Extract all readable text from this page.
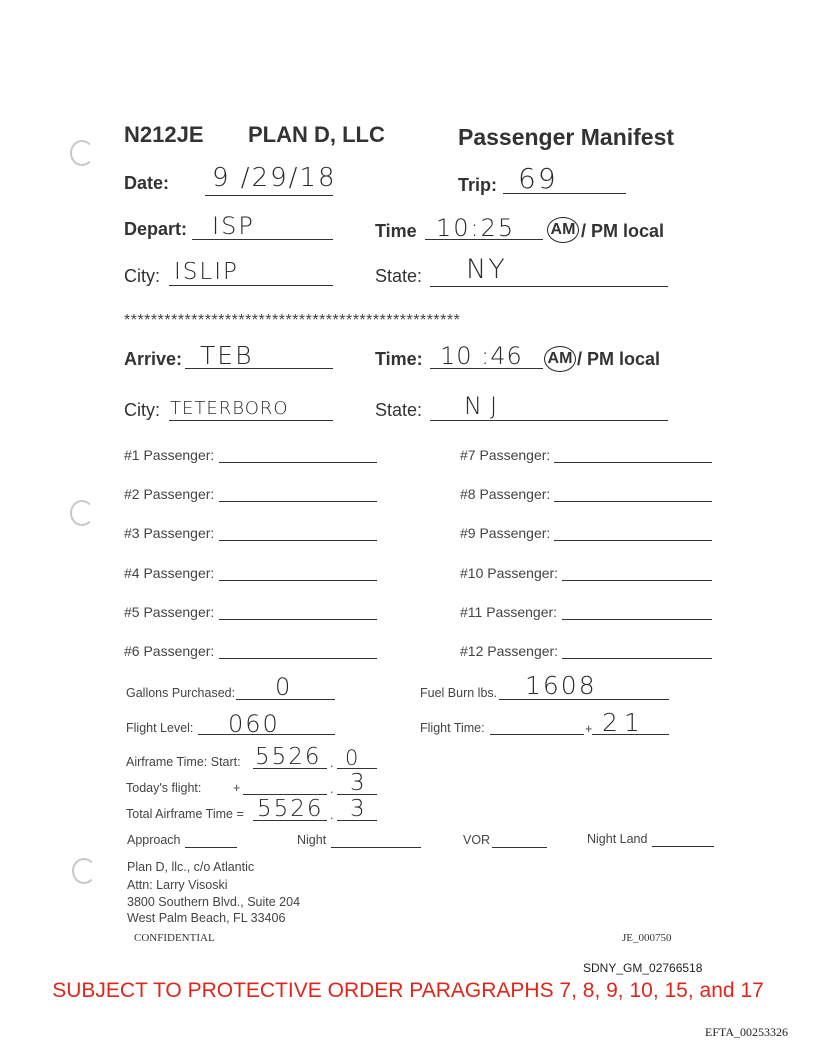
N212JE PLAN D, LLC	Passenger Manifest
Date: 9 /29/18	Trip: 69
Depart: ISP	Time 10:25 AM / PM local
City: ISLIP	State: NY
**************************************************
Arrive: TEB	Time: 10 :46 AM / PM local
City: TETERBORO	State: NJ
#1 Passenger:
#2 Passenger:
#3 Passenger:
#4 Passenger:
#5 Passenger:
#6 Passenger:
#7 Passenger:
#8 Passenger:
#9 Passenger:
#10 Passenger:
#11 Passenger:
#12 Passenger:
Gallons Purchased: 0	Fuel Burn lbs. 1608
Flight Level: 060	Flight Time:	+ 21
Airframe Time: Start: 5526 . 0
Today's flight:	+	. 3
Total Airframe Time = 5526 . 3
Approach	Night	VOR	Night Land
Plan D, llc., c/o Atlantic
Attn: Larry Visoski
3800 Southern Blvd., Suite 204
West Palm Beach, FL 33406
CONFIDENTIAL	JE_000750
SDNY_GM_02766518
SUBJECT TO PROTECTIVE ORDER PARAGRAPHS 7, 8, 9, 10, 15, and 17
EFTA_00253326
